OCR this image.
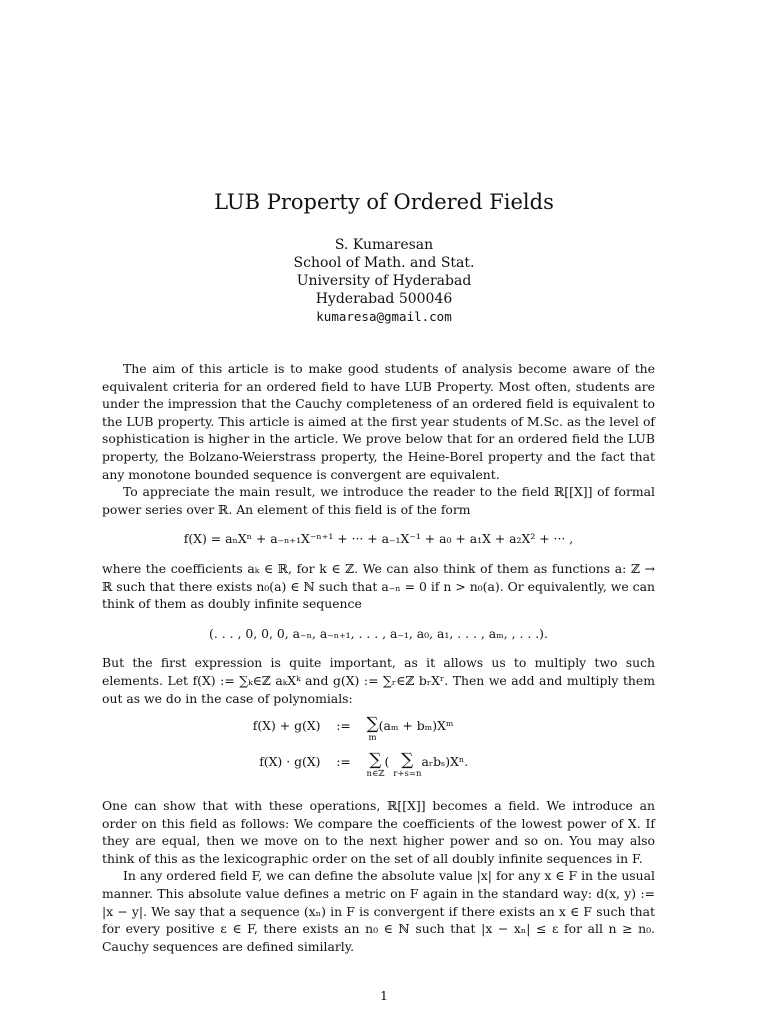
LUB Property of Ordered Fields
S. Kumaresan
School of Math. and Stat.
University of Hyderabad
Hyderabad 500046
kumaresa@gmail.com

The aim of this article is to make good students of analysis become aware of the equivalent criteria for an ordered field to have LUB Property. Most often, students are under the impression that the Cauchy completeness of an ordered field is equivalent to the LUB property. This article is aimed at the first year students of M.Sc. as the level of sophistication is higher in the article. We prove below that for an ordered field the LUB property, the Bolzano-Weierstrass property, the Heine-Borel property and the fact that any monotone bounded sequence is convergent are equivalent.

To appreciate the main result, we introduce the reader to the field ℝ[[X]] of formal power series over ℝ. An element of this field is of the form

f(X) = aₙXⁿ + a₋ₙ₊₁X⁻ⁿ⁺¹ + ··· + a₋₁X⁻¹ + a₀ + a₁X + a₂X² + ··· ,

where the coefficients aₖ ∈ ℝ, for k ∈ ℤ. We can also think of them as functions a: ℤ → ℝ such that there exists n₀(a) ∈ ℕ such that a₋ₙ = 0 if n > n₀(a). Or equivalently, we can think of them as doubly infinite sequence

(. . . , 0, 0, 0, a₋ₙ, a₋ₙ₊₁, . . . , a₋₁, a₀, a₁, . . . , aₘ, , . . .).

But the first expression is quite important, as it allows us to multiply two such elements. Let f(X) := ∑ₖ∈ℤ aₖXᵏ and g(X) := ∑ᵣ∈ℤ bᵣXʳ. Then we add and multiply them out as we do in the case of polynomials:

f(X) + g(X)	:= ∑
m
(aₘ + bₘ)Xᵐ
f(X) · g(X)	:=	∑
n∈ℤ
( ∑
r+s=n
aᵣbₛ)Xⁿ.

One can show that with these operations, ℝ[[X]] becomes a field. We introduce an order on this field as follows: We compare the coefficients of the lowest power of X. If they are equal, then we move on to the next higher power and so on. You may also think of this as the lexicographic order on the set of all doubly infinite sequences in F.

In any ordered field F, we can define the absolute value |x| for any x ∈ F in the usual manner. This absolute value defines a metric on F again in the standard way: d(x, y) := |x − y|. We say that a sequence (xₙ) in F is convergent if there exists an x ∈ F such that for every positive ε ∈ F, there exists an n₀ ∈ ℕ such that |x − xₙ| ≤ ε for all n ≥ n₀. Cauchy sequences are defined similarly.

1
